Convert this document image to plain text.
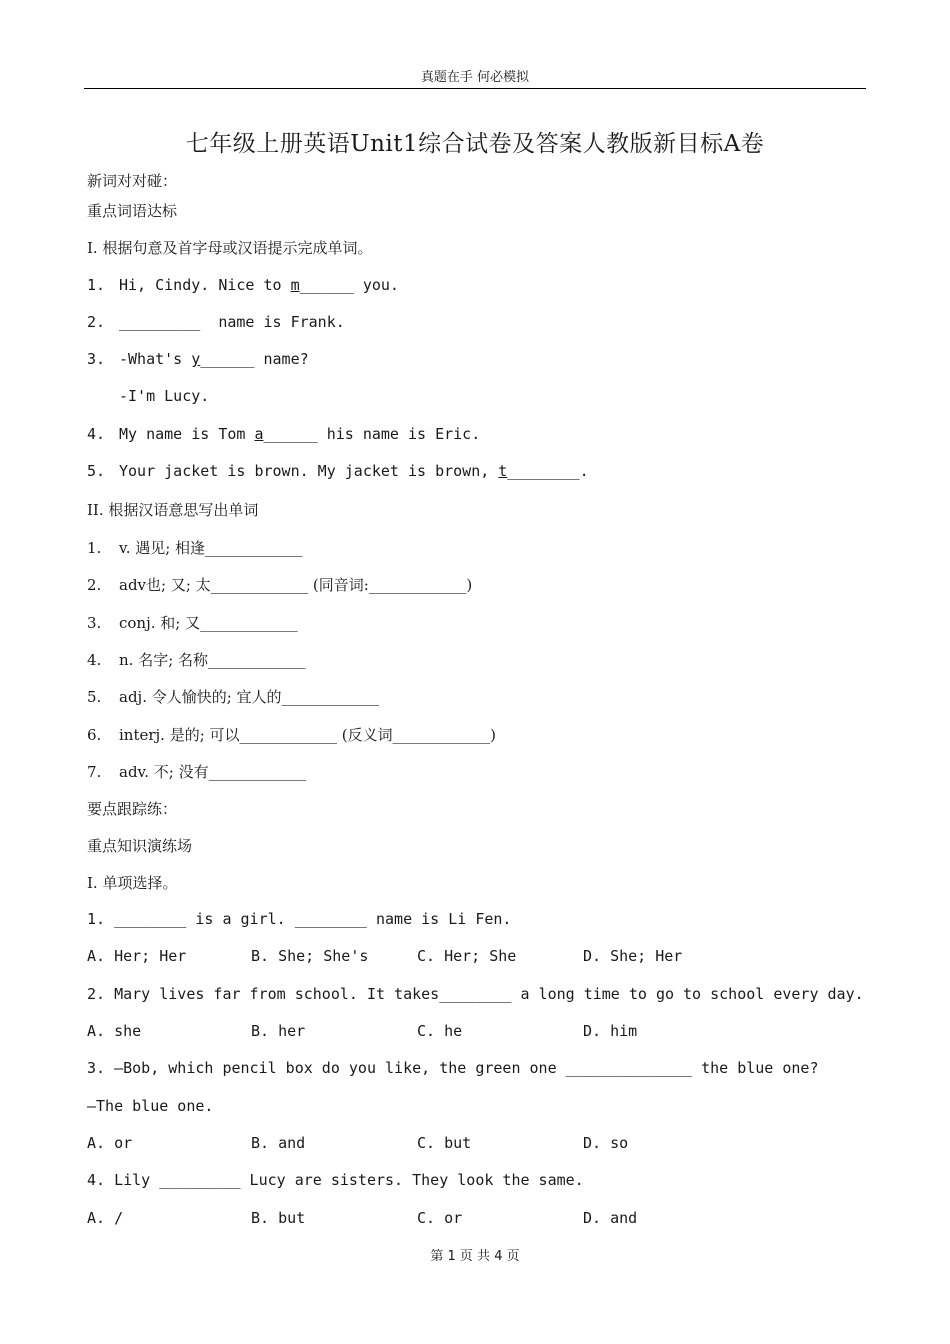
真题在手 何必模拟
七年级上册英语Unit1综合试卷及答案人教版新目标A卷
新词对对碰：
重点词语达标
I. 根据句意及首字母或汉语提示完成单词。
1. Hi, Cindy. Nice to m______ you.
2. _________  name is Frank.
3. -What's y______ name?
-I'm Lucy.
4. My name is Tom a______ his name is Eric.
5. Your jacket is brown. My jacket is brown, t________.
II. 根据汉语意思写出单词
1. v. 遇见; 相逢_____________
2. adv也; 又; 太_____________ (同音词:_____________)
3. conj. 和; 又_____________
4. n. 名字; 名称_____________
5. adj. 令人愉快的; 宜人的_____________
6. interj. 是的; 可以_____________ (反义词_____________)
7. adv. 不; 没有_____________
要点跟踪练：
重点知识演练场
I. 单项选择。
1. ________ is a girl. ________ name is Li Fen.
A. Her; Her	B. She; She's	C. Her; She	D. She; Her
2. Mary lives far from school. It takes________ a long time to go to school every day.
A. she	B. her	C. he	D. him
3. —Bob, which pencil box do you like, the green one ______________ the blue one?
—The blue one.
A. or	B. and	C. but	D. so
4. Lily _________ Lucy are sisters. They look the same.
A. /	B. but	C. or	D. and
第 1 页 共 4 页
